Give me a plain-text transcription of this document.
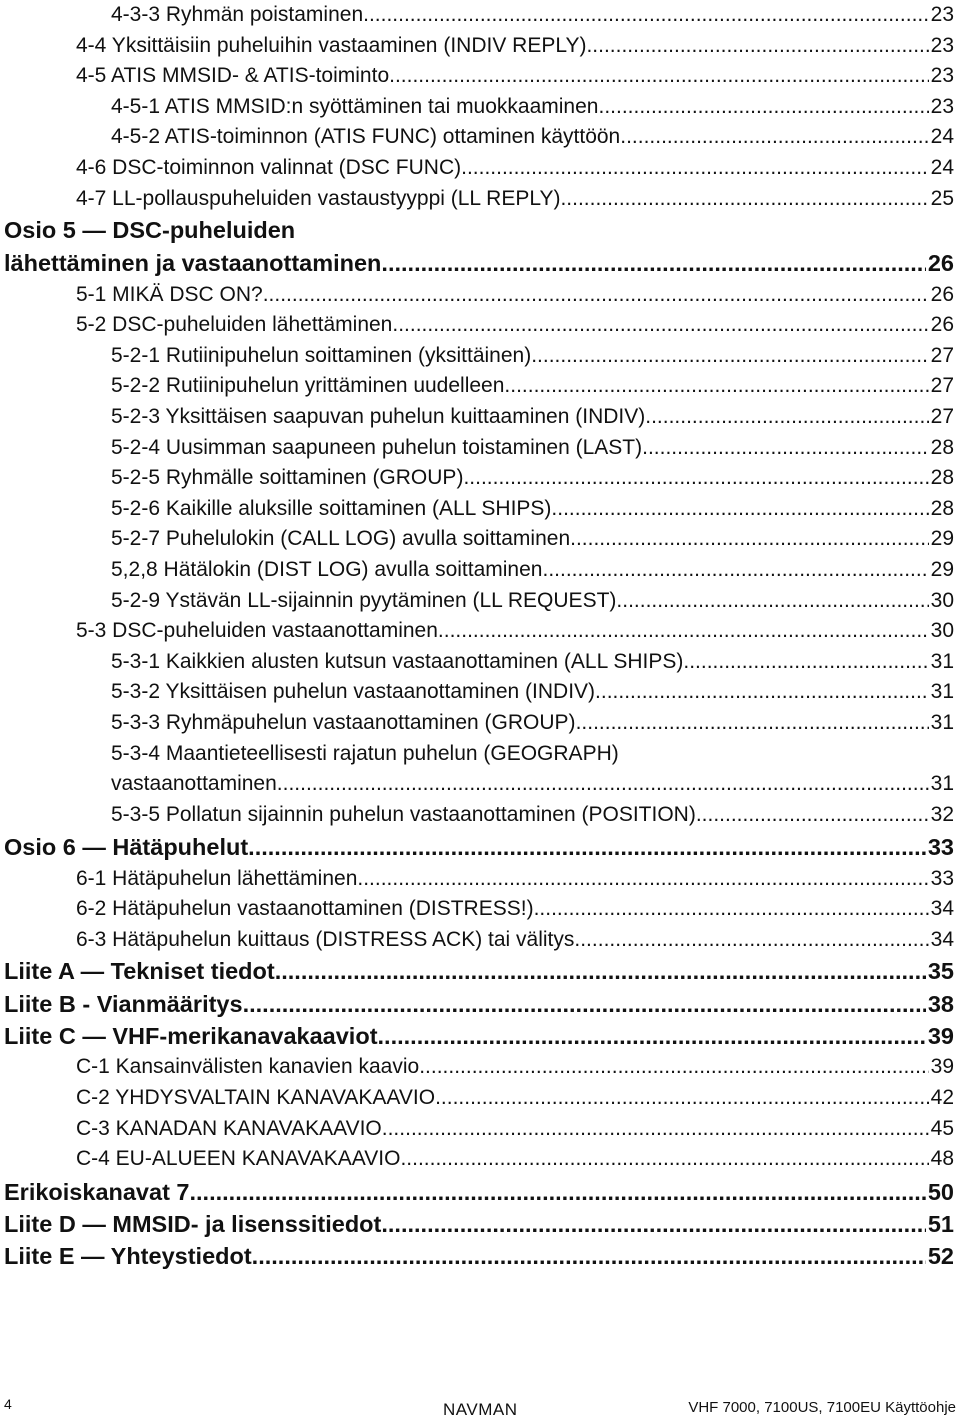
4-3-3 Ryhmän poistaminen .....	23
4-4 Yksittäisiin puheluihin vastaaminen (INDIV REPLY) .....	23
4-5 ATIS MMSID- & ATIS-toiminto .....	23
4-5-1 ATIS MMSID:n syöttäminen tai muokkaaminen .....	23
4-5-2 ATIS-toiminnon (ATIS FUNC) ottaminen käyttöön .....	24
4-6 DSC-toiminnon valinnat (DSC FUNC) .....	24
4-7 LL-pollauspuheluiden vastaustyyppi (LL REPLY) .....	25
Osio 5 — DSC-puheluiden
lähettäminen ja vastaanottaminen .....	26
5-1 MIKÄ DSC ON? .....	26
5-2 DSC-puheluiden lähettäminen .....	26
5-2-1 Rutiinipuhelun soittaminen (yksittäinen) .....	27
5-2-2 Rutiinipuhelun yrittäminen uudelleen .....	27
5-2-3 Yksittäisen saapuvan puhelun kuittaaminen (INDIV) .....	27
5-2-4 Uusimman saapuneen puhelun toistaminen (LAST) .....	28
5-2-5 Ryhmälle soittaminen (GROUP) .....	28
5-2-6 Kaikille aluksille soittaminen (ALL SHIPS) .....	28
5-2-7 Puhelulokin (CALL LOG) avulla soittaminen .....	29
5,2,8 Hätälokin (DIST LOG) avulla soittaminen .....	29
5-2-9 Ystävän LL-sijainnin pyytäminen (LL REQUEST) .....	30
5-3 DSC-puheluiden vastaanottaminen .....	30
5-3-1 Kaikkien alusten kutsun vastaanottaminen (ALL SHIPS) .....	31
5-3-2 Yksittäisen puhelun vastaanottaminen (INDIV) .....	31
5-3-3 Ryhmäpuhelun vastaanottaminen (GROUP) .....	31
5-3-4 Maantieteellisesti rajatun puhelun (GEOGRAPH)
vastaanottaminen .....	31
5-3-5 Pollatun sijainnin puhelun vastaanottaminen (POSITION) .....	32
Osio 6 — Hätäpuhelut .....	33
6-1 Hätäpuhelun lähettäminen .....	33
6-2 Hätäpuhelun vastaanottaminen (DISTRESS!) .....	34
6-3 Hätäpuhelun kuittaus (DISTRESS ACK) tai välitys .....	34
Liite A — Tekniset tiedot .....	35
Liite B - Vianmääritys .....	38
Liite C — VHF-merikanavakaaviot .....	39
C-1 Kansainvälisten kanavien kaavio .....	39
C-2 YHDYSVALTAIN KANAVAKAAVIO .....	42
C-3 KANADAN KANAVAKAAVIO .....	45
C-4 EU-ALUEEN KANAVAKAAVIO .....	48
Erikoiskanavat 7 .....	50
Liite D — MMSID- ja lisenssitiedot .....	51
Liite E — Yhteystiedot .....	52
4	NAVMAN	VHF 7000, 7100US, 7100EU Käyttöohje
